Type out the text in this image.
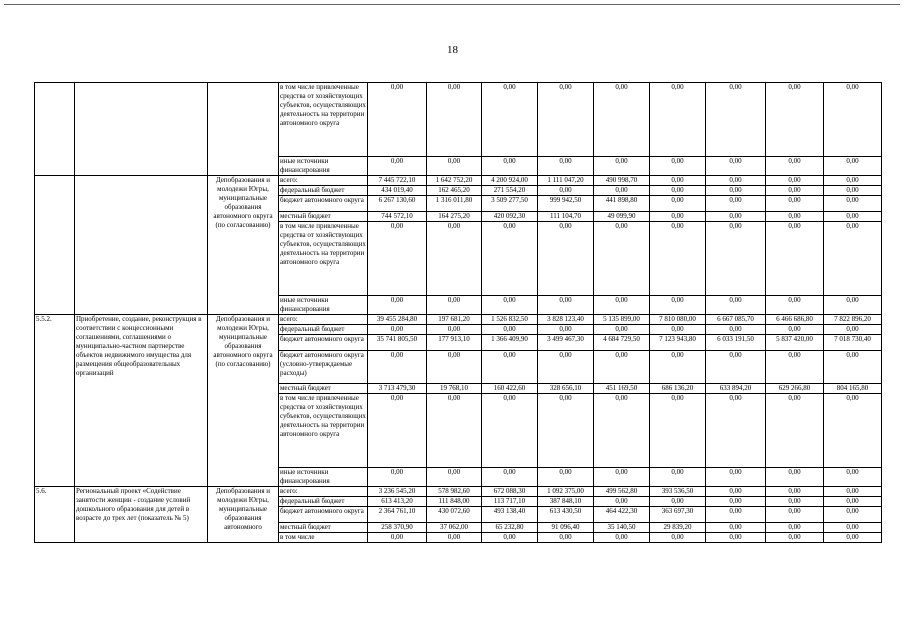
18
			в том числе привлеченные средства от хозяйствующих субъектов, осуществляющих деятельность на территории автономного округа	0,00	0,00	0,00	0,00	0,00	0,00	0,00	0,00	0,00
			иные источники финансирования	0,00	0,00	0,00	0,00	0,00	0,00	0,00	0,00	0,00
		Депобразования и молодежи Югры, муниципальные образования автономного округа (по согласованию)	всего:	7 445 722,10	1 642 752,20	4 200 924,00	1 111 047,20	490 998,70	0,00	0,00	0,00	0,00
			федеральный бюджет	434 019,40	162 465,20	271 554,20	0,00	0,00	0,00	0,00	0,00	0,00
			бюджет автономного округа	6 267 130,60	1 316 011,80	3 509 277,50	999 942,50	441 898,80	0,00	0,00	0,00	0,00
			местный бюджет	744 572,10	164 275,20	420 092,30	111 104,70	49 099,90	0,00	0,00	0,00	0,00
			в том числе привлеченные средства от хозяйствующих субъектов, осуществляющих деятельность на территории автономного округа	0,00	0,00	0,00	0,00	0,00	0,00	0,00	0,00	0,00
			иные источники финансирования	0,00	0,00	0,00	0,00	0,00	0,00	0,00	0,00	0,00
5.5.2.	Приобретение, создание, реконструкция в соответствии с концессионными соглашениями, соглашениями о муниципально-частном партнерстве объектов недвижимого имущества для размещения общеобразовательных организаций	Депобразования и молодежи Югры, муниципальные образования автономного округа (по согласованию)	всего:	39 455 284,80	197 681,20	1 526 832,50	3 828 123,40	5 135 899,00	7 810 080,00	6 667 085,70	6 466 686,80	7 822 896,20
			федеральный бюджет	0,00	0,00	0,00	0,00	0,00	0,00	0,00	0,00	0,00
			бюджет автономного округа	35 741 805,50	177 913,10	1 366 409,90	3 499 467,30	4 684 729,50	7 123 943,80	6 033 191,50	5 837 420,00	7 018 730,40
			бюджет автономного округа (условно-утверждаемые расходы)	0,00	0,00	0,00	0,00	0,00	0,00	0,00	0,00	0,00
			местный бюджет	3 713 479,30	19 768,10	160 422,60	328 656,10	451 169,50	686 136,20	633 894,20	629 266,80	804 165,80
			в том числе привлеченные средства от хозяйствующих субъектов, осуществляющих деятельность на территории автономного округа	0,00	0,00	0,00	0,00	0,00	0,00	0,00	0,00	0,00
			иные источники финансирования	0,00	0,00	0,00	0,00	0,00	0,00	0,00	0,00	0,00
5.6.	Региональный проект «Содействие занятости женщин - создание условий дошкольного образования для детей в возрасте до трех лет (показатель № 5)	Депобразования и молодежи Югры, муниципальные образования автономного	всего:	3 236 545,20	578 982,60	672 088,30	1 092 375,00	499 562,80	393 536,50	0,00	0,00	0,00
			федеральный бюджет	613 413,20	111 848,00	113 717,10	387 848,10	0,00	0,00	0,00	0,00	0,00
			бюджет автономного округа	2 364 761,10	430 072,60	493 138,40	613 430,50	464 422,30	363 697,30	0,00	0,00	0,00
			местный бюджет	258 370,90	37 062,00	65 232,80	91 096,40	35 140,50	29 839,20	0,00	0,00	0,00
			в том числе	0,00	0,00	0,00	0,00	0,00	0,00	0,00	0,00	0,00
